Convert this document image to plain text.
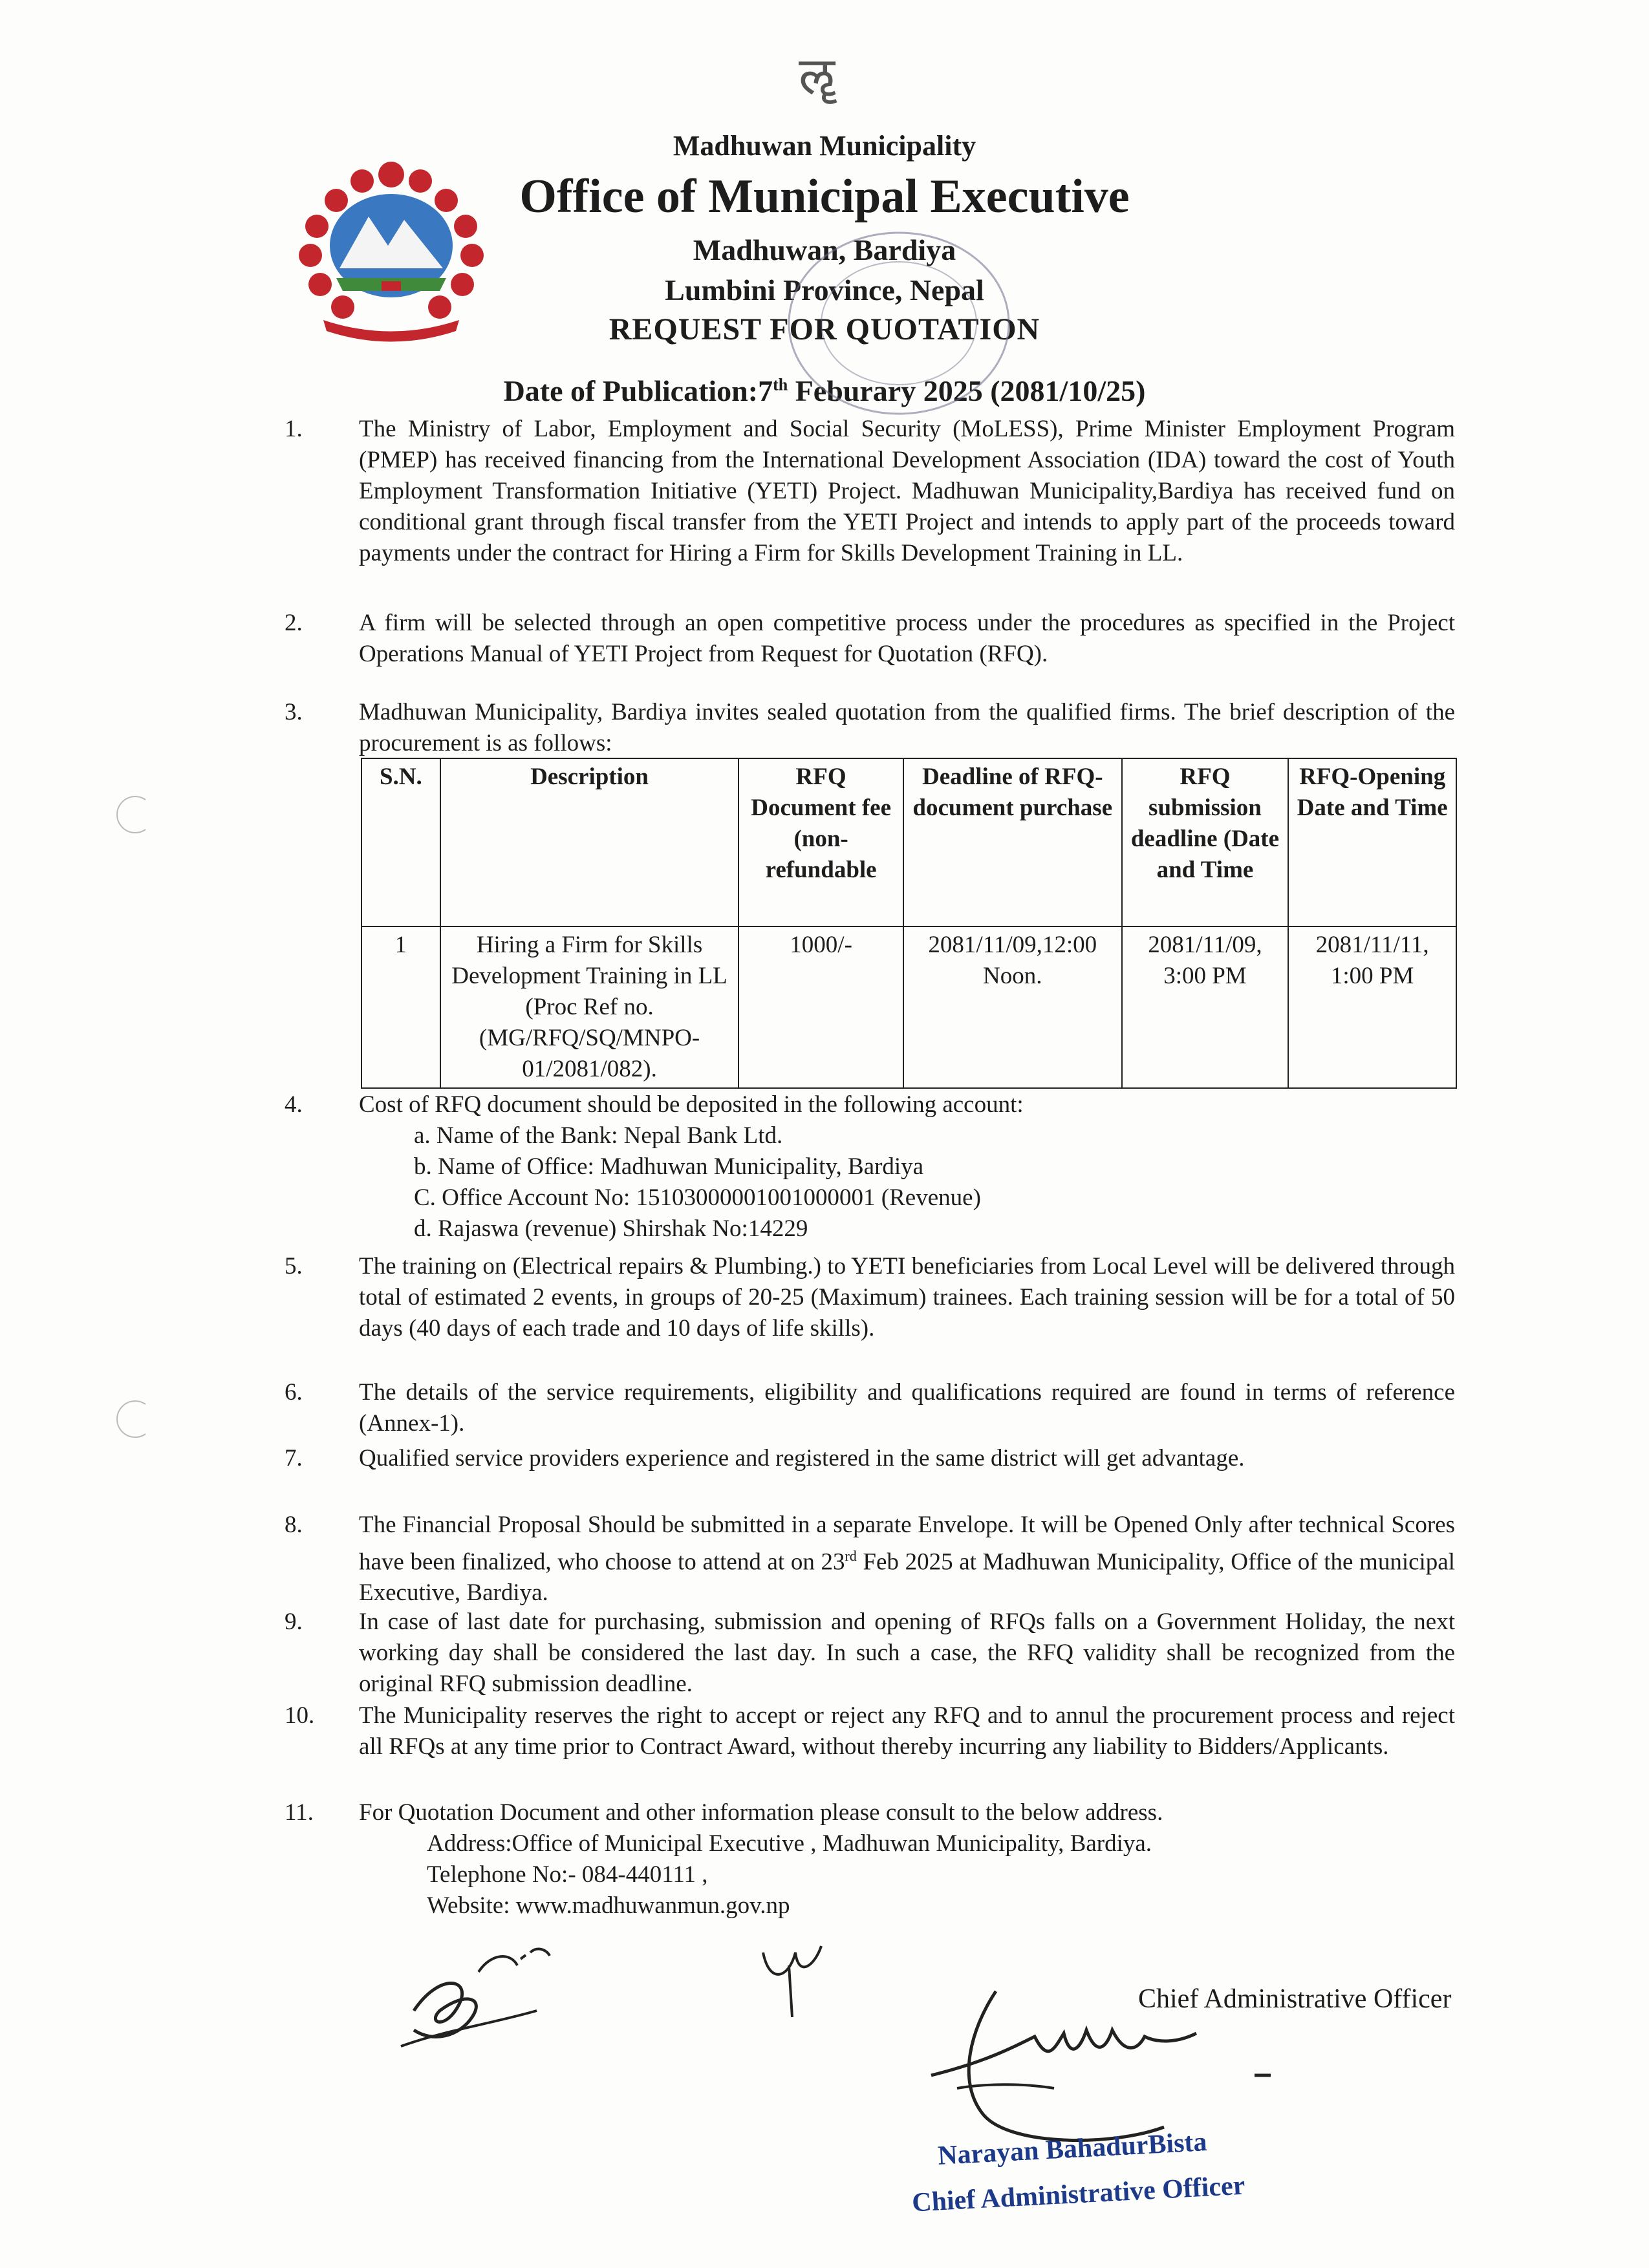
ॡ
Madhuwan Municipality
Office of Municipal Executive
Madhuwan, Bardiya
Lumbini Province, Nepal
REQUEST FOR QUOTATION
Date of Publication:7th Feburary 2025 (2081/10/25)
1.	The Ministry of Labor, Employment and Social Security (MoLESS), Prime Minister Employment Program (PMEP) has received financing from the International Development Association (IDA) toward the cost of Youth Employment Transformation Initiative (YETI) Project. Madhuwan Municipality,Bardiya has received fund on conditional grant through fiscal transfer from the YETI Project and intends to apply part of the proceeds toward payments under the contract for Hiring a Firm for Skills Development Training in LL.
2.	A firm will be selected through an open competitive process under the procedures as specified in the Project Operations Manual of YETI Project from Request for Quotation (RFQ).
3.	Madhuwan Municipality, Bardiya invites sealed quotation from the qualified firms. The brief description of the procurement is as follows:
S.N.	Description	RFQ Document fee (non-refundable	Deadline of RFQ-document purchase	RFQ submission deadline (Date and Time	RFQ-Opening Date and Time
1	Hiring a Firm for Skills Development Training in LL (Proc Ref no. (MG/RFQ/SQ/MNPO-01/2081/082).	1000/-	2081/11/09,12:00 Noon.	2081/11/09, 3:00 PM	2081/11/11, 1:00 PM
4.	Cost of RFQ document should be deposited in the following account:
a. Name of the Bank: Nepal Bank Ltd.
b. Name of Office: Madhuwan Municipality, Bardiya
C. Office Account No: 15103000001001000001 (Revenue)
d. Rajaswa (revenue) Shirshak No:14229
5.	The training on (Electrical repairs & Plumbing.) to YETI beneficiaries from Local Level will be delivered through total of estimated 2 events, in groups of 20-25 (Maximum) trainees. Each training session will be for a total of 50 days (40 days of each trade and 10 days of life skills).
6.	The details of the service requirements, eligibility and qualifications required are found in terms of reference (Annex-1).
7.	Qualified service providers experience and registered in the same district will get advantage.
8.	The Financial Proposal Should be submitted in a separate Envelope. It will be Opened Only after technical Scores have been finalized, who choose to attend at on 23rd Feb 2025 at Madhuwan Municipality, Office of the municipal Executive, Bardiya.
9.	In case of last date for purchasing, submission and opening of RFQs falls on a Government Holiday, the next working day shall be considered the last day. In such a case, the RFQ validity shall be recognized from the original RFQ submission deadline.
10.	The Municipality reserves the right to accept or reject any RFQ and to annul the procurement process and reject all RFQs at any time prior to Contract Award, without thereby incurring any liability to Bidders/Applicants.
11.	For Quotation Document and other information please consult to the below address.
Address:Office of Municipal Executive , Madhuwan Municipality, Bardiya.
Telephone No:- 084-440111 ,
Website: www.madhuwanmun.gov.np
Chief Administrative Officer
Narayan BahadurBista
Chief Administrative Officer
